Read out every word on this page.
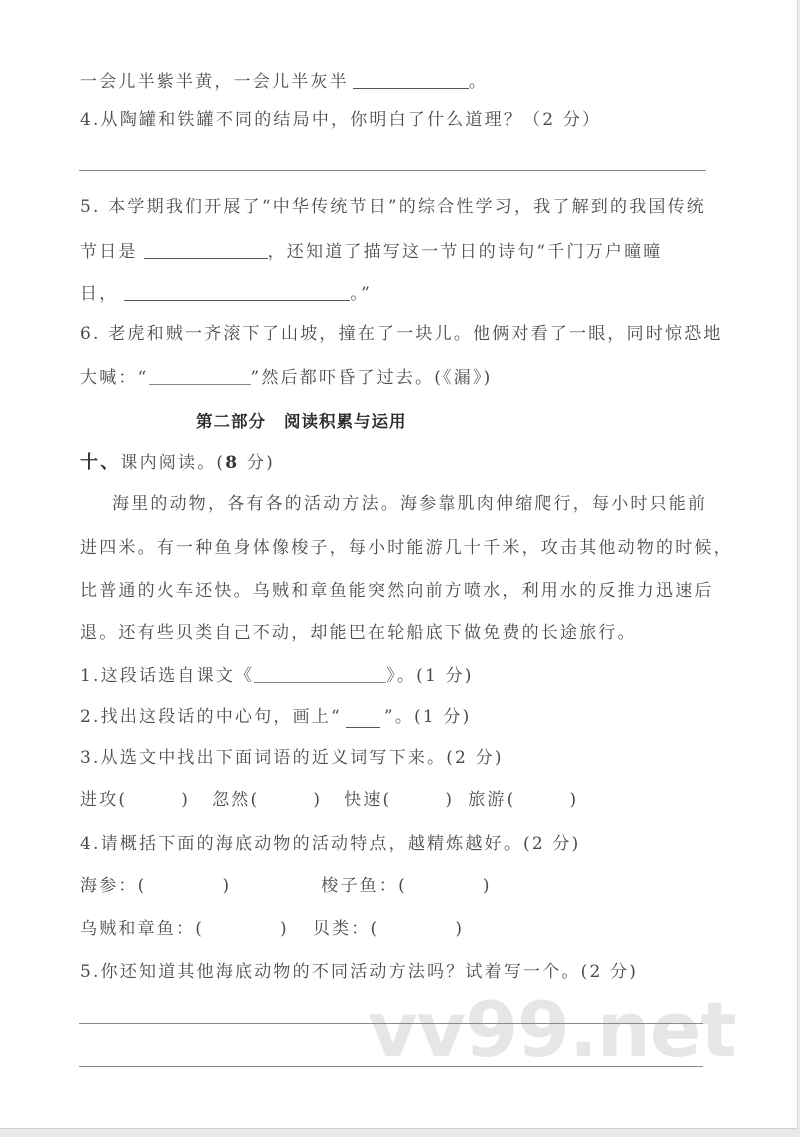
一会儿半紫半黄，一会儿半灰半	。
4.从陶罐和铁罐不同的结局中，你明白了什么道理？（2 分）
5. 本学期我们开展了“中华传统节日”的综合性学习，我了解到的我国传统
节日是	，还知道了描写这一节日的诗句“千门万户曈曈
日，	。”
6. 老虎和贼一齐滚下了山坡，撞在了一块儿。他俩对看了一眼，同时惊恐地
大喊：“	”然后都吓昏了过去。(《漏》)
第二部分 阅读积累与运用
十、课内阅读。(8 分)
海里的动物，各有各的活动方法。海参靠肌肉伸缩爬行，每小时只能前
进四米。有一种鱼身体像梭子，每小时能游几十千米，攻击其他动物的时候，
比普通的火车还快。乌贼和章鱼能突然向前方喷水，利用水的反推力迅速后
退。还有些贝类自己不动，却能巴在轮船底下做免费的长途旅行。
1.这段话选自课文《	》。(1 分)
2.找出这段话的中心句，画上“ ”。(1 分)
3.从选文中找出下面词语的近义词写下来。(2 分)
进攻(	) 忽然(	) 快速(	) 旅游(	)
4.请概括下面的海底动物的活动特点，越精炼越好。(2 分)
海参：(	)	梭子鱼：(	)
乌贼和章鱼：(	) 贝类：(	)
5.你还知道其他海底动物的不同活动方法吗？试着写一个。(2 分)
vv99.net
